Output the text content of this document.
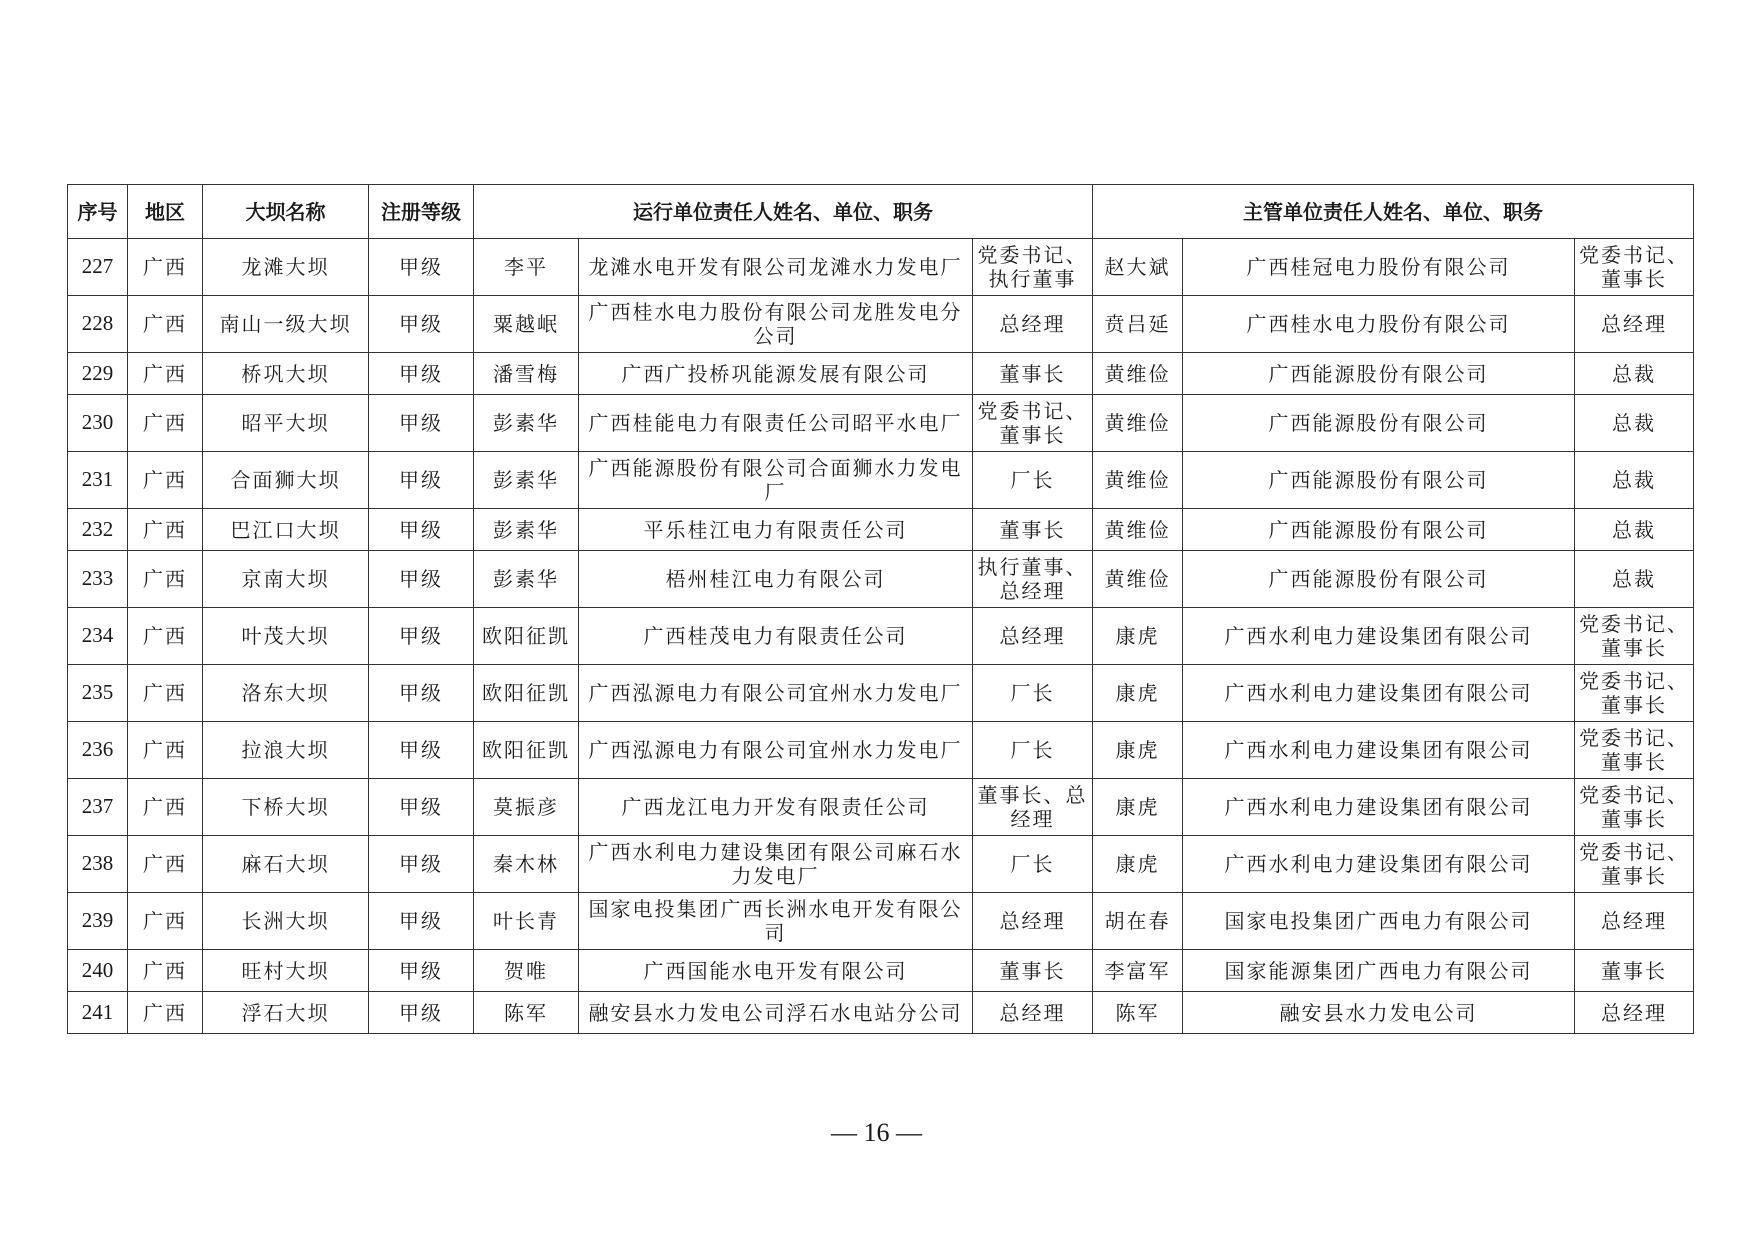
序号	地区	大坝名称	注册等级	运行单位责任人姓名、单位、职务			主管单位责任人姓名、单位、职务		
227	广西	龙滩大坝	甲级	李平	龙滩水电开发有限公司龙滩水力发电厂	党委书记、执行董事	赵大斌	广西桂冠电力股份有限公司	党委书记、董事长
228	广西	南山一级大坝	甲级	粟越岷	广西桂水电力股份有限公司龙胜发电分公司	总经理	贲吕延	广西桂水电力股份有限公司	总经理
229	广西	桥巩大坝	甲级	潘雪梅	广西广投桥巩能源发展有限公司	董事长	黄维俭	广西能源股份有限公司	总裁
230	广西	昭平大坝	甲级	彭素华	广西桂能电力有限责任公司昭平水电厂	党委书记、董事长	黄维俭	广西能源股份有限公司	总裁
231	广西	合面狮大坝	甲级	彭素华	广西能源股份有限公司合面狮水力发电厂	厂长	黄维俭	广西能源股份有限公司	总裁
232	广西	巴江口大坝	甲级	彭素华	平乐桂江电力有限责任公司	董事长	黄维俭	广西能源股份有限公司	总裁
233	广西	京南大坝	甲级	彭素华	梧州桂江电力有限公司	执行董事、总经理	黄维俭	广西能源股份有限公司	总裁
234	广西	叶茂大坝	甲级	欧阳征凯	广西桂茂电力有限责任公司	总经理	康虎	广西水利电力建设集团有限公司	党委书记、董事长
235	广西	洛东大坝	甲级	欧阳征凯	广西泓源电力有限公司宜州水力发电厂	厂长	康虎	广西水利电力建设集团有限公司	党委书记、董事长
236	广西	拉浪大坝	甲级	欧阳征凯	广西泓源电力有限公司宜州水力发电厂	厂长	康虎	广西水利电力建设集团有限公司	党委书记、董事长
237	广西	下桥大坝	甲级	莫振彦	广西龙江电力开发有限责任公司	董事长、总经理	康虎	广西水利电力建设集团有限公司	党委书记、董事长
238	广西	麻石大坝	甲级	秦木林	广西水利电力建设集团有限公司麻石水力发电厂	厂长	康虎	广西水利电力建设集团有限公司	党委书记、董事长
239	广西	长洲大坝	甲级	叶长青	国家电投集团广西长洲水电开发有限公司	总经理	胡在春	国家电投集团广西电力有限公司	总经理
240	广西	旺村大坝	甲级	贺唯	广西国能水电开发有限公司	董事长	李富军	国家能源集团广西电力有限公司	董事长
241	广西	浮石大坝	甲级	陈军	融安县水力发电公司浮石水电站分公司	总经理	陈军	融安县水力发电公司	总经理
— 16 —
